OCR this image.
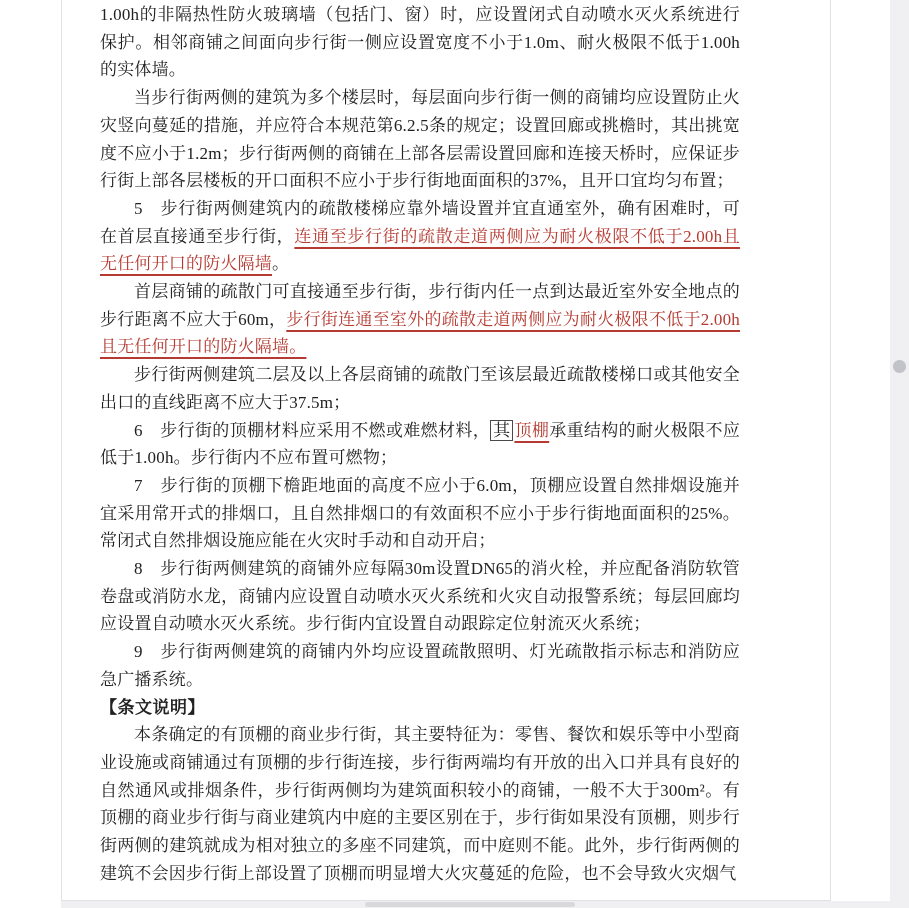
1.00h的非隔热性防火玻璃墙（包括门、窗）时，应设置闭式自动喷水灭火系统进行保护。相邻商铺之间面向步行街一侧应设置宽度不小于1.0m、耐火极限不低于1.00h的实体墙。

当步行街两侧的建筑为多个楼层时，每层面向步行街一侧的商铺均应设置防止火灾竖向蔓延的措施，并应符合本规范第6.2.5条的规定；设置回廊或挑檐时，其出挑宽度不应小于1.2m；步行街两侧的商铺在上部各层需设置回廊和连接天桥时，应保证步行街上部各层楼板的开口面积不应小于步行街地面面积的37%，且开口宜均匀布置；

5　步行街两侧建筑内的疏散楼梯应靠外墙设置并宜直通室外，确有困难时，可在首层直接通至步行街，连通至步行街的疏散走道两侧应为耐火极限不低于2.00h且无任何开口的防火隔墙。

首层商铺的疏散门可直接通至步行街，步行街内任一点到达最近室外安全地点的步行距离不应大于60m，步行街连通至室外的疏散走道两侧应为耐火极限不低于2.00h且无任何开口的防火隔墙。

步行街两侧建筑二层及以上各层商铺的疏散门至该层最近疏散楼梯口或其他安全出口的直线距离不应大于37.5m；

6　步行街的顶棚材料应采用不燃或难燃材料， 其 顶棚承重结构的耐火极限不应低于1.00h。步行街内不应布置可燃物；

7　步行街的顶棚下檐距地面的高度不应小于6.0m，顶棚应设置自然排烟设施并宜采用常开式的排烟口，且自然排烟口的有效面积不应小于步行街地面面积的25%。常闭式自然排烟设施应能在火灾时手动和自动开启；

8　步行街两侧建筑的商铺外应每隔30m设置DN65的消火栓，并应配备消防软管卷盘或消防水龙，商铺内应设置自动喷水灭火系统和火灾自动报警系统；每层回廊均应设置自动喷水灭火系统。步行街内宜设置自动跟踪定位射流灭火系统；

9　步行街两侧建筑的商铺内外均应设置疏散照明、灯光疏散指示标志和消防应急广播系统。

【条文说明】

本条确定的有顶棚的商业步行街，其主要特征为：零售、餐饮和娱乐等中小型商业设施或商铺通过有顶棚的步行街连接，步行街两端均有开放的出入口并具有良好的自然通风或排烟条件，步行街两侧均为建筑面积较小的商铺，一般不大于300m²。有顶棚的商业步行街与商业建筑内中庭的主要区别在于，步行街如果没有顶棚，则步行街两侧的建筑就成为相对独立的多座不同建筑，而中庭则不能。此外，步行街两侧的建筑不会因步行街上部设置了顶棚而明显增大火灾蔓延的危险，也不会导致火灾烟气
